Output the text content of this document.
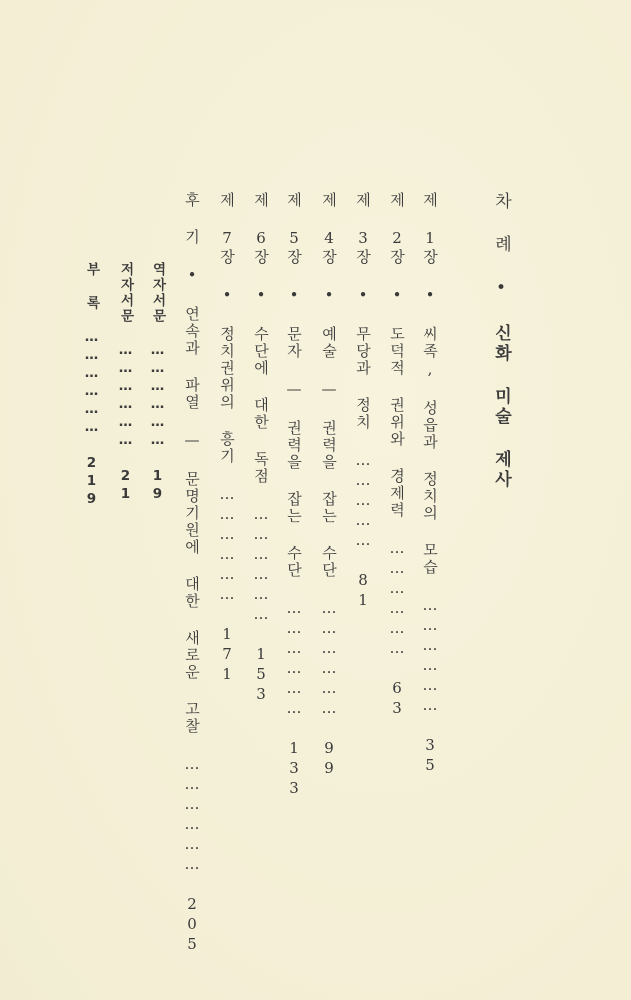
차 례 • 신화 미술 제사
제 1장 • 씨족, 성읍과 정치의 모습 ……………… 35
제 2장 • 도덕적 권위와 경제력 ……………… 63
제 3장 • 무당과 정치 …………… 81
제 4장 • 예술 — 권력을 잡는 수단 ……………… 99
제 5장 • 문자 — 권력을 잡는 수단 ……………… 133
제 6장 • 수단에 대한 독점 ……………… 153
제 7장 • 정치권위의 흥기 ……………… 171
후 기 • 연속과 파열 — 문명기원에 대한 새로운 고찰 ……………… 205
역자서문 ……………… 19
저자서문 ……………… 21
부 록 ……………… 219
